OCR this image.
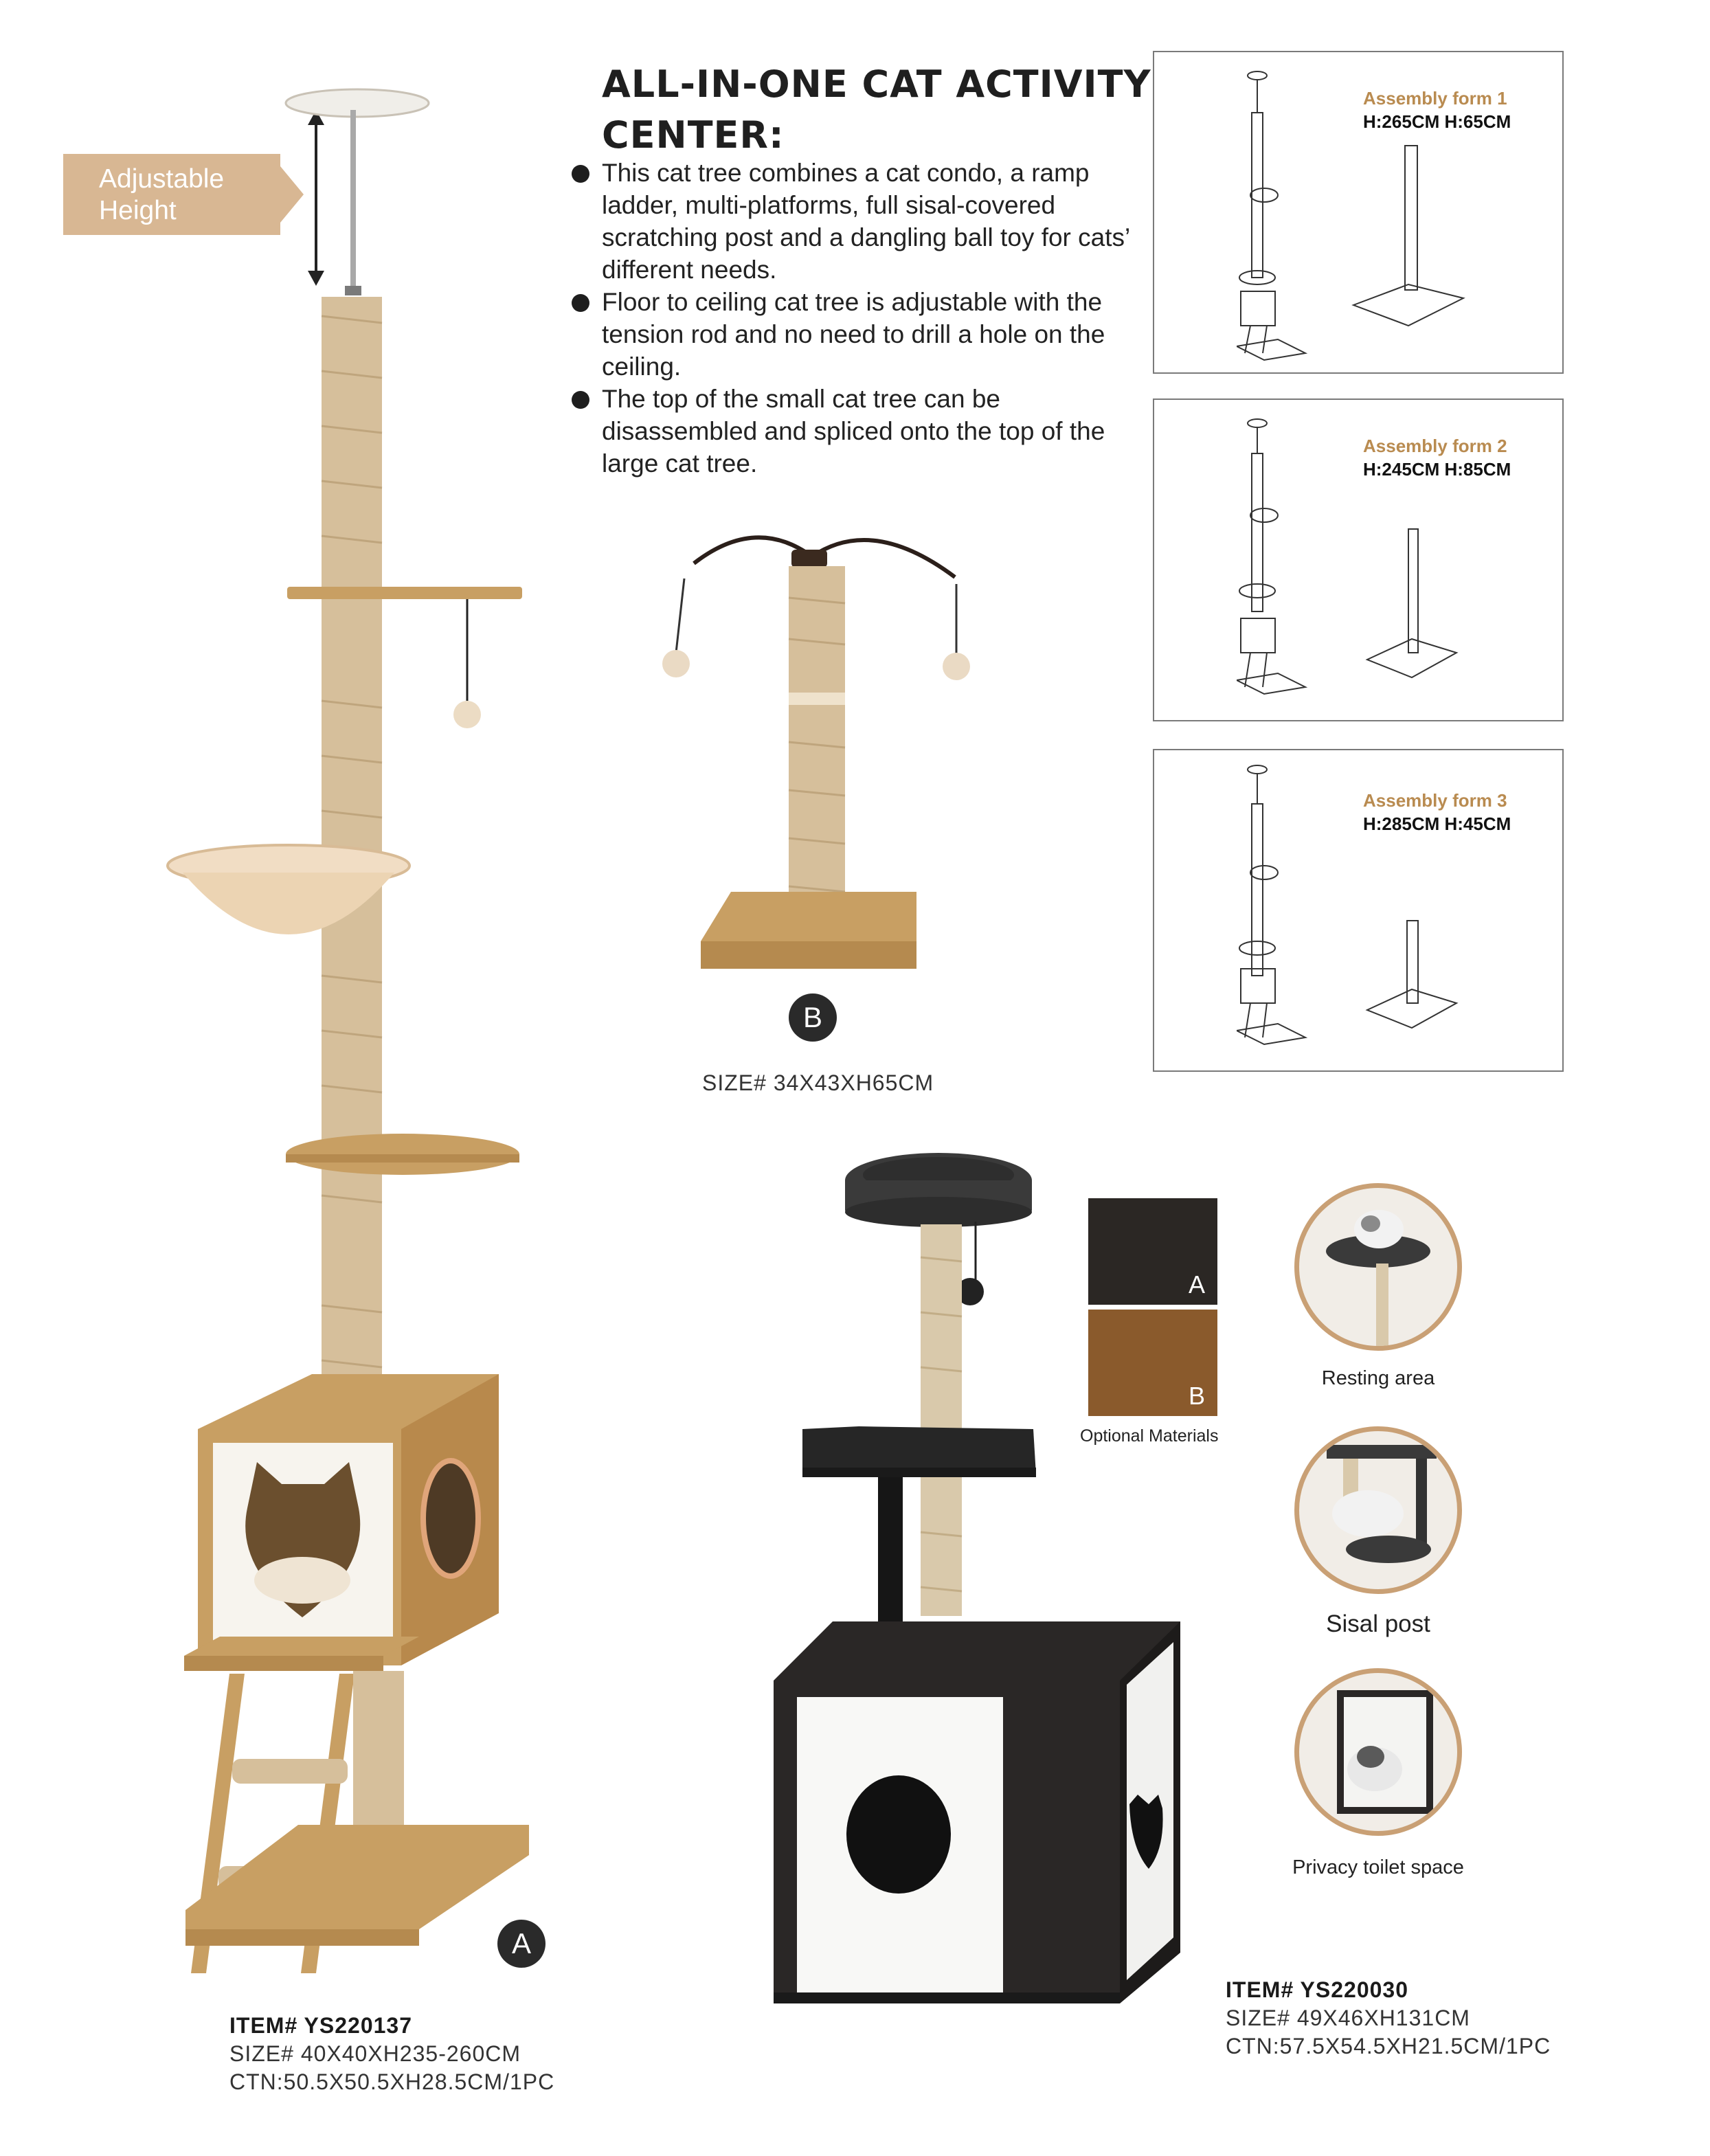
ALL-IN-ONE CAT ACTIVITY CENTER:
This cat tree combines a cat condo, a ramp ladder, multi-platforms, full sisal-covered scratching post and a dangling ball toy for cats’ different needs.
Floor to ceiling cat tree is adjustable with the tension rod and no need to drill a hole on the ceiling.
The top of the small cat tree can be disassembled and spliced onto the top of the large cat tree.
Adjustable
Height
A
ITEM# YS220137
SIZE# 40X40XH235-260CM
CTN:50.5X50.5XH28.5CM/1PC
B
SIZE# 34X43XH65CM
Assembly form 1
H:265CM H:65CM
Assembly form 2
H:245CM H:85CM
Assembly form 3
H:285CM H:45CM
ITEM# YS220030
SIZE# 49X46XH131CM
CTN:57.5X54.5XH21.5CM/1PC
A
B
Optional Materials
Resting area
Sisal post
Privacy toilet space
